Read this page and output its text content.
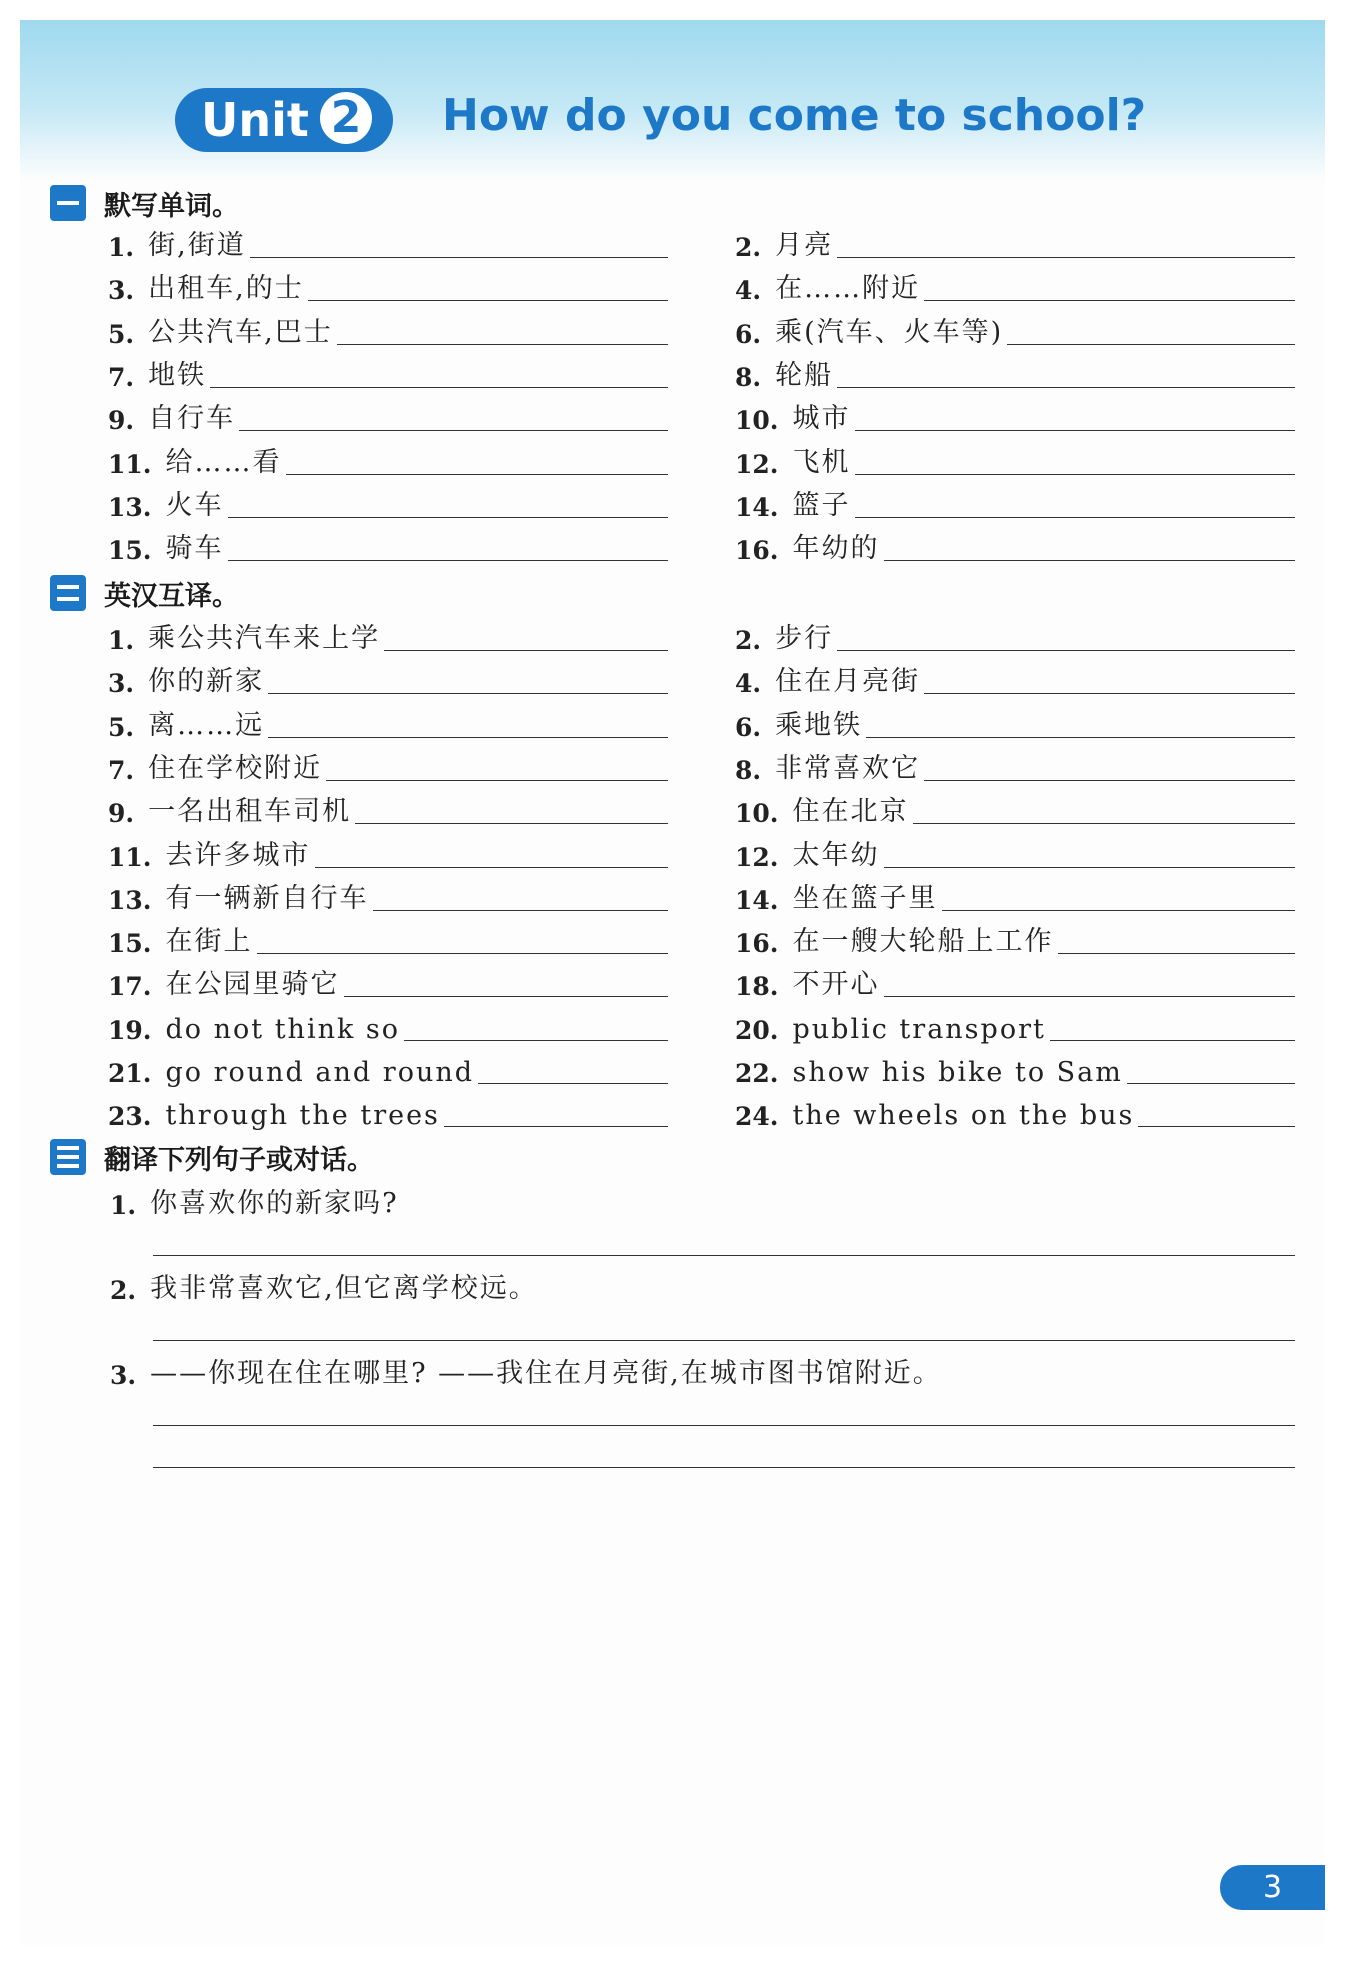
Unit 2 How do you come to school?
默写单词。
1. 街,街道	2. 月亮
3. 出租车,的士	4. 在……附近
5. 公共汽车,巴士	6. 乘(汽车、火车等)
7. 地铁	8. 轮船
9. 自行车	10. 城市
11. 给……看	12. 飞机
13. 火车	14. 篮子
15. 骑车	16. 年幼的
英汉互译。
1. 乘公共汽车来上学	2. 步行
3. 你的新家	4. 住在月亮街
5. 离……远	6. 乘地铁
7. 住在学校附近	8. 非常喜欢它
9. 一名出租车司机	10. 住在北京
11. 去许多城市	12. 太年幼
13. 有一辆新自行车	14. 坐在篮子里
15. 在街上	16. 在一艘大轮船上工作
17. 在公园里骑它	18. 不开心
19. do not think so	20. public transport
21. go round and round	22. show his bike to Sam
23. through the trees	24. the wheels on the bus
翻译下列句子或对话。
1. 你喜欢你的新家吗?
2. 我非常喜欢它,但它离学校远。
3. ——你现在住在哪里? ——我住在月亮街,在城市图书馆附近。
3
